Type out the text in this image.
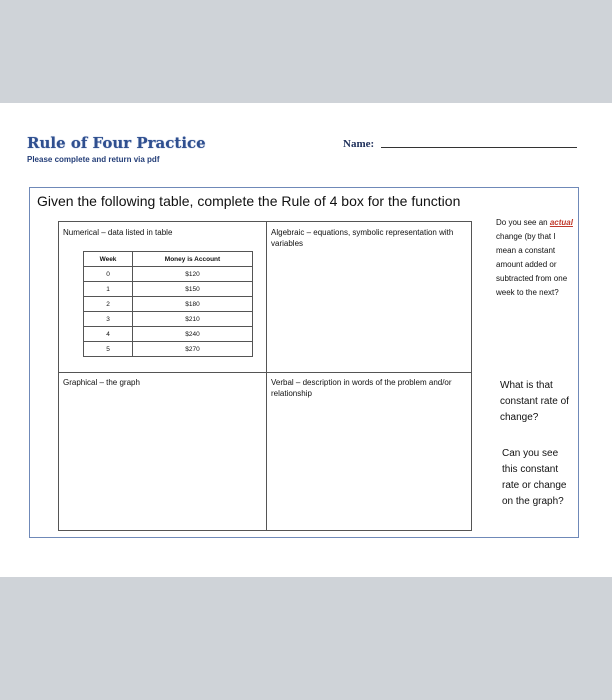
Rule of Four Practice
Please complete and return via pdf
Name:
Given the following table, complete the Rule of 4 box for the function
Numerical – data listed in table	Algebraic – equations, symbolic representation with variables
Graphical – the graph	Verbal – description in words of the problem and/or relationship
Week	Money is Account
0	$120
1	$150
2	$180
3	$210
4	$240
5	$270
Do you see an actual change (by that I mean a constant amount added or subtracted from one week to the next?
What is that constant rate of change?
Can you see this constant rate or change on the graph?
